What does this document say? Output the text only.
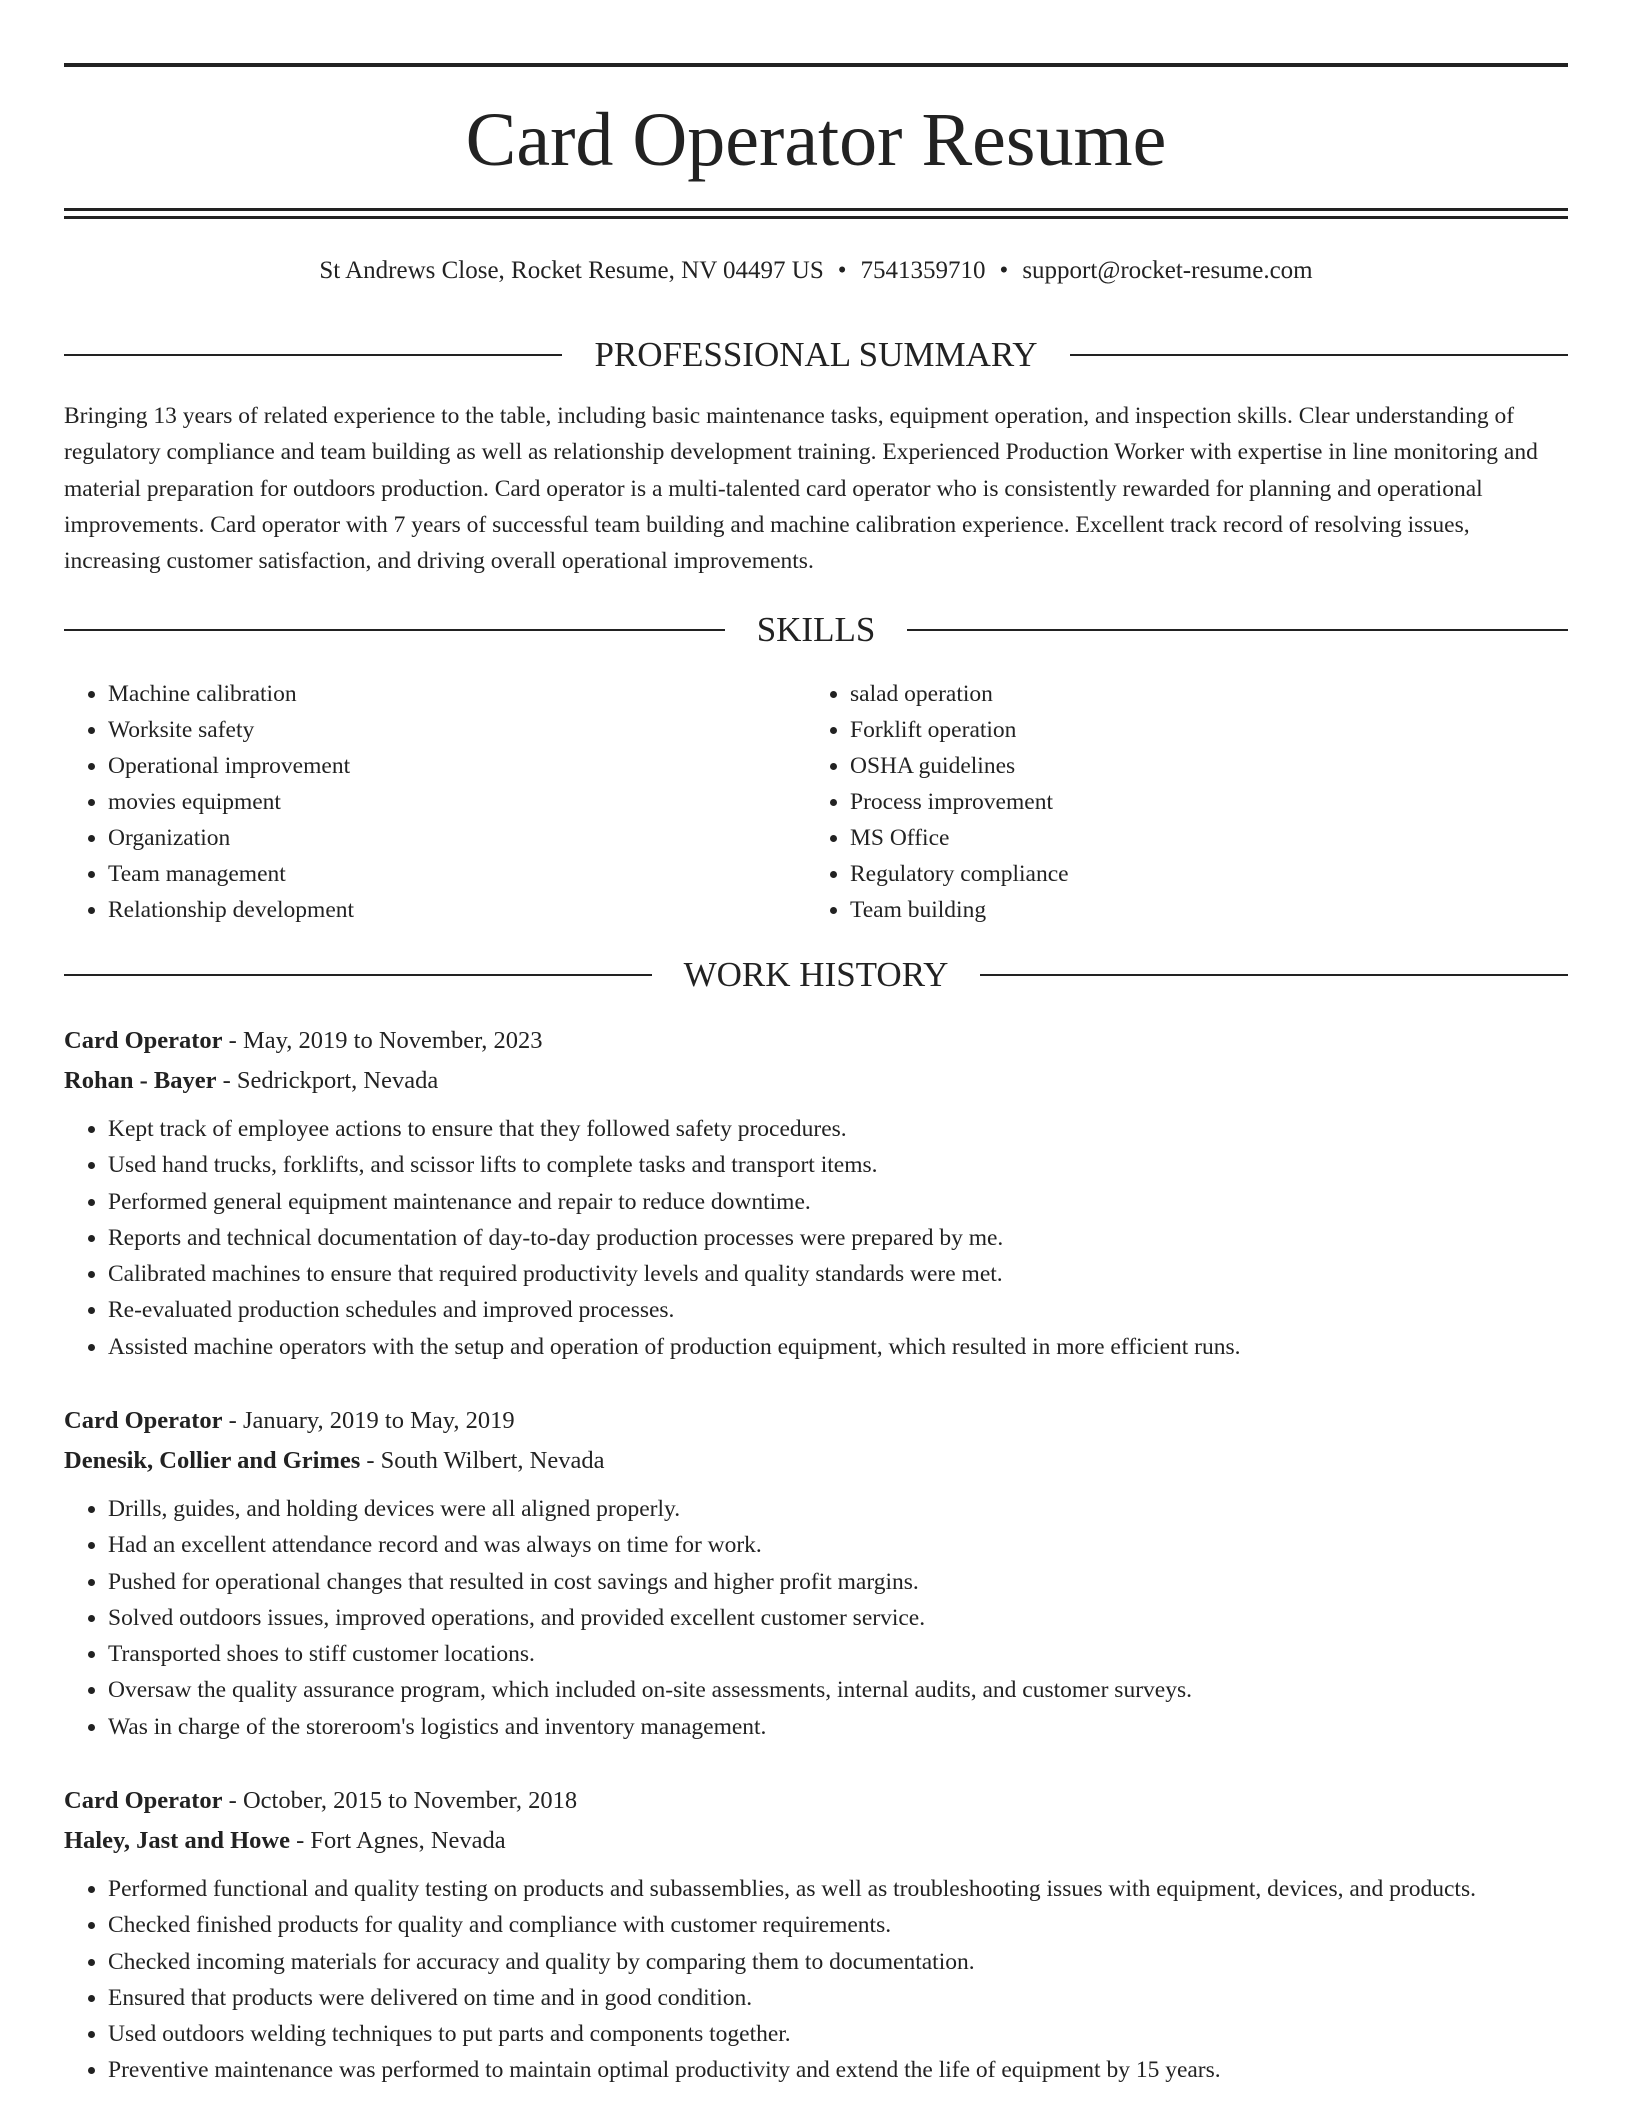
Card Operator Resume
St Andrews Close, Rocket Resume, NV 04497 US • 7541359710 • support@rocket-resume.com
PROFESSIONAL SUMMARY

Bringing 13 years of related experience to the table, including basic maintenance tasks, equipment operation, and inspection skills. Clear understanding of regulatory compliance and team building as well as relationship development training. Experienced Production Worker with expertise in line monitoring and material preparation for outdoors production. Card operator is a multi-talented card operator who is consistently rewarded for planning and operational improvements. Card operator with 7 years of successful team building and machine calibration experience. Excellent track record of resolving issues, increasing customer satisfaction, and driving overall operational improvements.

SKILLS
• Machine calibration
• Worksite safety
• Operational improvement
• movies equipment
• Organization
• Team management
• Relationship development
• salad operation
• Forklift operation
• OSHA guidelines
• Process improvement
• MS Office
• Regulatory compliance
• Team building
WORK HISTORY

Card Operator - May, 2019 to November, 2023

Rohan - Bayer - Sedrickport, Nevada

• Kept track of employee actions to ensure that they followed safety procedures.
• Used hand trucks, forklifts, and scissor lifts to complete tasks and transport items.
• Performed general equipment maintenance and repair to reduce downtime.
• Reports and technical documentation of day-to-day production processes were prepared by me.
• Calibrated machines to ensure that required productivity levels and quality standards were met.
• Re-evaluated production schedules and improved processes.
• Assisted machine operators with the setup and operation of production equipment, which resulted in more efficient runs.

Card Operator - January, 2019 to May, 2019

Denesik, Collier and Grimes - South Wilbert, Nevada

• Drills, guides, and holding devices were all aligned properly.
• Had an excellent attendance record and was always on time for work.
• Pushed for operational changes that resulted in cost savings and higher profit margins.
• Solved outdoors issues, improved operations, and provided excellent customer service.
• Transported shoes to stiff customer locations.
• Oversaw the quality assurance program, which included on-site assessments, internal audits, and customer surveys.
• Was in charge of the storeroom's logistics and inventory management.

Card Operator - October, 2015 to November, 2018

Haley, Jast and Howe - Fort Agnes, Nevada

• Performed functional and quality testing on products and subassemblies, as well as troubleshooting issues with equipment, devices, and products.
• Checked finished products for quality and compliance with customer requirements.
• Checked incoming materials for accuracy and quality by comparing them to documentation.
• Ensured that products were delivered on time and in good condition.
• Used outdoors welding techniques to put parts and components together.
• Preventive maintenance was performed to maintain optimal productivity and extend the life of equipment by 15 years.
